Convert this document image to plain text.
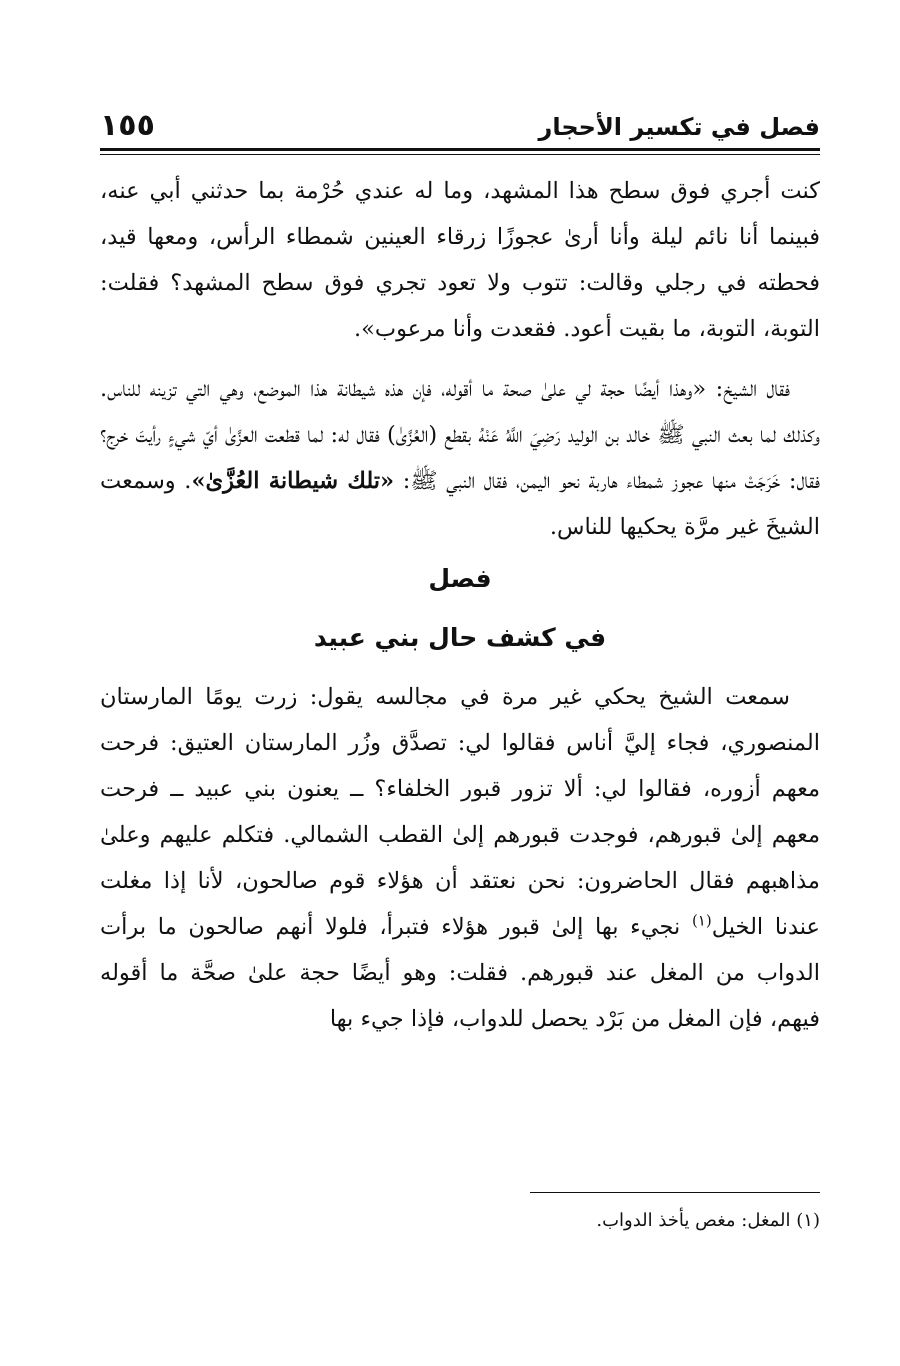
فصل في تكسير الأحجار
١٥٥

كنت أجري فوق سطح هذا المشهد، وما له عندي حُرْمة بما حدثني أبي عنه، فبينما أنا نائم ليلة وأنا أرىٰ عجوزًا زرقاء العينين شمطاء الرأس، ومعها قيد، فحطته في رجلي وقالت: تتوب ولا تعود تجري فوق سطح المشهد؟ فقلت: التوبة، التوبة، ما بقيت أعود. فقعدت وأنا مرعوب».

فقال الشيخ: «وهذا أيضًا حجة لي علىٰ صحة ما أقوله، فإن هذه شيطانة هذا الموضع، وهي التي تزينه للناس. وكذلك لما بعث النبي ﷺ خالد بن الوليد رَضِيَ اللَّهُ عَنْهُ بقطع (العُزَّىٰ) فقال له: لما قطعت العزَّىٰ أيّ شيءٍ رأيتَ خرج؟ فقال: خَرَجَتْ منها عجوز شمطاء هاربة نحو اليمن، فقال النبي ﷺ: «تلك شيطانة العُزَّىٰ». وسمعت الشيخَ غير مرَّة يحكيها للناس.

فصل

في كشف حال بني عبيد

سمعت الشيخ يحكي غير مرة في مجالسه يقول: زرت يومًا المارستان المنصوري، فجاء إليَّ أناس فقالوا لي: تصدَّق وزُر المارستان العتيق: فرحت معهم أزوره، فقالوا لي: ألا تزور قبور الخلفاء؟ ــ يعنون بني عبيد ــ فرحت معهم إلىٰ قبورهم، فوجدت قبورهم إلىٰ القطب الشمالي. فتكلم عليهم وعلىٰ مذاهبهم فقال الحاضرون: نحن نعتقد أن هؤلاء قوم صالحون، لأنا إذا مغلت عندنا الخيل$^{(١)}$ نجيء بها إلىٰ قبور هؤلاء فتبرأ، فلولا أنهم صالحون ما برأت الدواب من المغل عند قبورهم. فقلت: وهو أيضًا حجة علىٰ صحَّة ما أقوله فيهم، فإن المغل من بَرْد يحصل للدواب، فإذا جيء بها

(١) المغل: مغص يأخذ الدواب.
